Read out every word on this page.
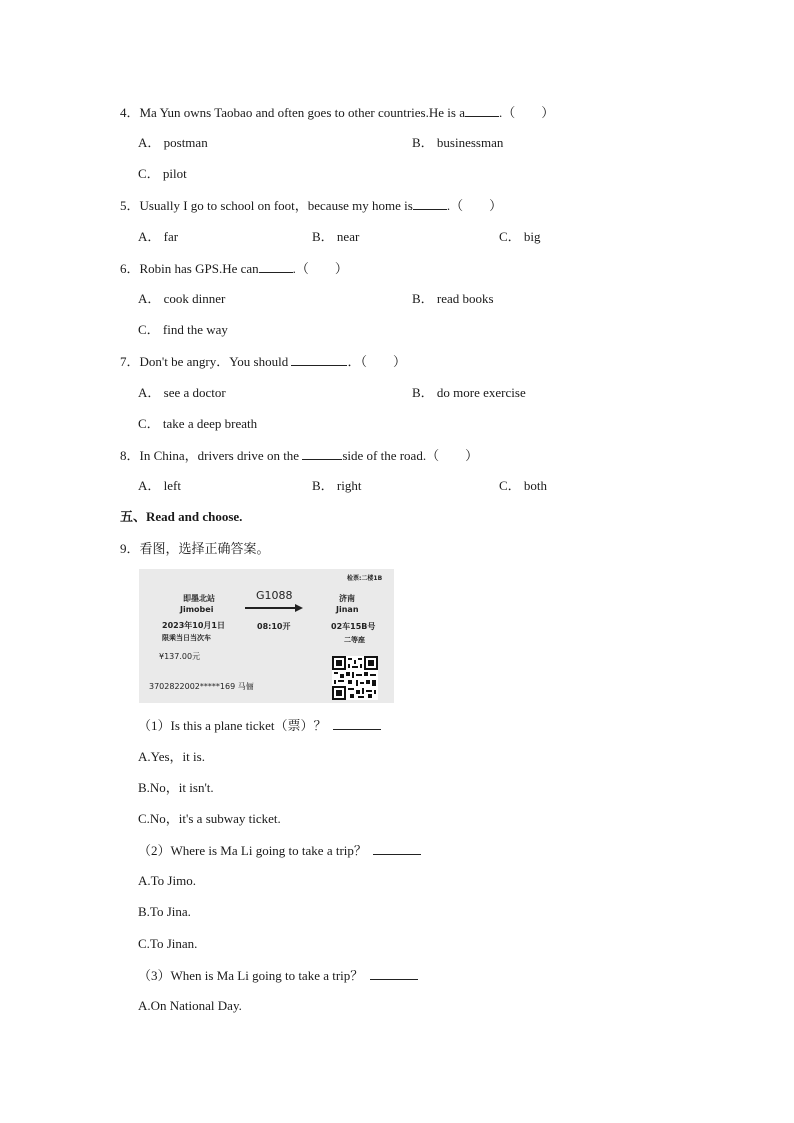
4．Ma Yun owns Taobao and often goes to other countries.He is a	.（　　）
A． postman	B． businessman
C． pilot
5．Usually I go to school on foot，because my home is	.（　　）
A． far	B． near	C． big
6．Robin has GPS.He can	.（　　）
A． cook dinner	B． read books
C． find the way
7．Don't be angry．You should	．（　　）
A． see a doctor	B． do more exercise
C． take a deep breath
8．In China，drivers drive on the	side of the road.（　　）
A． left	B． right	C． both
五、Read and choose.
9．看图，选择正确答案。
检票:二楼1B
即墨北站
Jimobei
G1088	济南
Jinan
2023年10月1日	08:10开	02车15B号
限乘当日当次车	二等座
¥137.00元
3702822002*****169 马俪
（1）Is this a plane ticket（票）？
A.Yes，it is.
B.No，it isn't.
C.No，it's a subway ticket.
（2）Where is Ma Li going to take a trip？
A.To Jimo.
B.To Jina.
C.To Jinan.
（3）When is Ma Li going to take a trip？
A.On National Day.
